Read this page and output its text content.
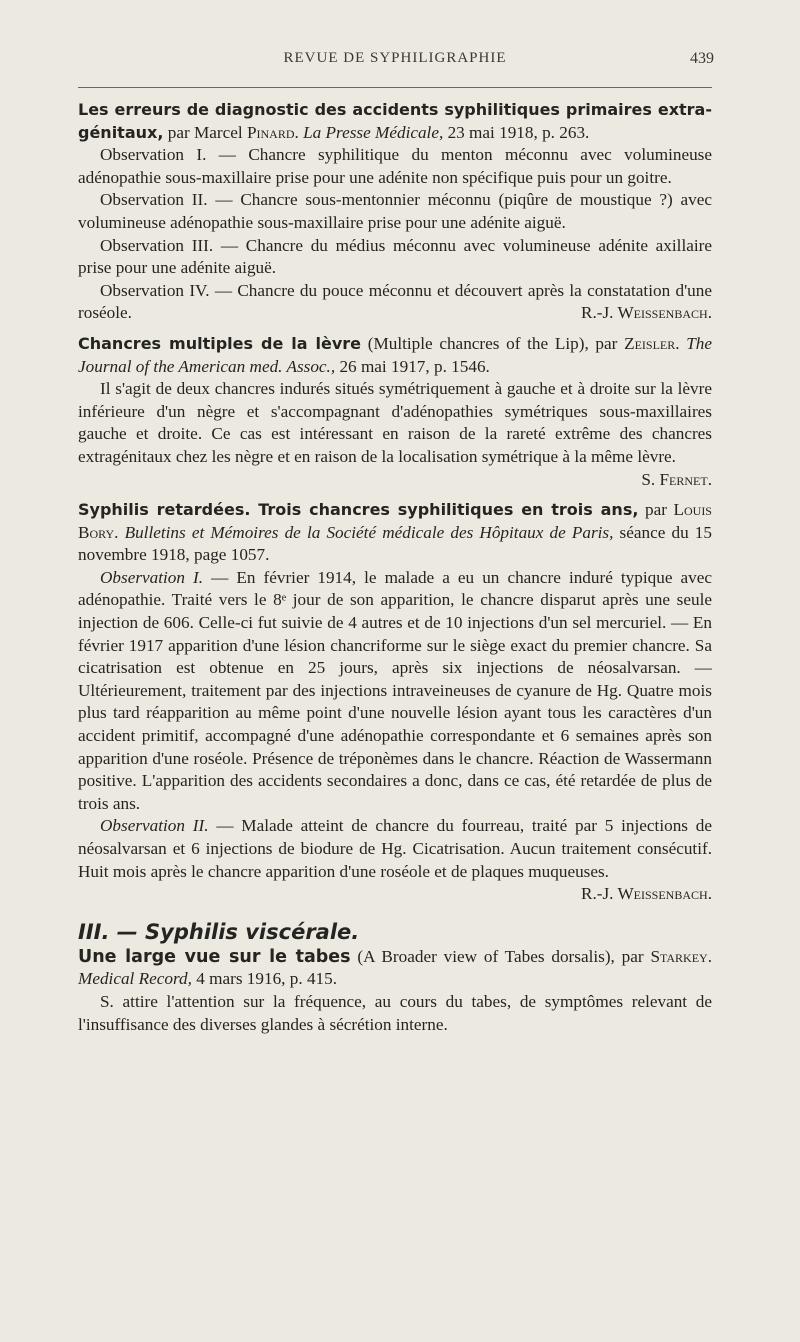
REVUE DE SYPHILIGRAPHIE	439

Les erreurs de diagnostic des accidents syphilitiques primaires extra-génitaux, par Marcel Pinard. La Presse Médicale, 23 mai 1918, p. 263.

Observation I. — Chancre syphilitique du menton méconnu avec volumineuse adénopathie sous-maxillaire prise pour une adénite non spécifique puis pour un goitre.

Observation II. — Chancre sous-mentonnier méconnu (piqûre de moustique ?) avec volumineuse adénopathie sous-maxillaire prise pour une adénite aiguë.

Observation III. — Chancre du médius méconnu avec volumineuse adénite axillaire prise pour une adénite aiguë.

Observation IV. — Chancre du pouce méconnu et découvert après la constatation d'une roséole.	R.-J. Weissenbach.

Chancres multiples de la lèvre (Multiple chancres of the Lip), par Zeisler. The Journal of the American med. Assoc., 26 mai 1917, p. 1546.

Il s'agit de deux chancres indurés situés symétriquement à gauche et à droite sur la lèvre inférieure d'un nègre et s'accompagnant d'adénopathies symétriques sous-maxillaires gauche et droite. Ce cas est intéressant en raison de la rareté extrême des chancres extragénitaux chez les nègre et en raison de la localisation symétrique à la même lèvre.

S. Fernet.

Syphilis retardées. Trois chancres syphilitiques en trois ans, par Louis Bory. Bulletins et Mémoires de la Société médicale des Hôpitaux de Paris, séance du 15 novembre 1918, page 1057.

Observation I. — En février 1914, le malade a eu un chancre induré typique avec adénopathie. Traité vers le 8ᵉ jour de son apparition, le chancre disparut après une seule injection de 606. Celle-ci fut suivie de 4 autres et de 10 injections d'un sel mercuriel. — En février 1917 apparition d'une lésion chancriforme sur le siège exact du premier chancre. Sa cicatrisation est obtenue en 25 jours, après six injections de néosalvarsan. — Ultérieurement, traitement par des injections intraveineuses de cyanure de Hg. Quatre mois plus tard réapparition au même point d'une nouvelle lésion ayant tous les caractères d'un accident primitif, accompagné d'une adénopathie correspondante et 6 semaines après son apparition d'une roséole. Présence de tréponèmes dans le chancre. Réaction de Wassermann positive. L'apparition des accidents secondaires a donc, dans ce cas, été retardée de plus de trois ans.

Observation II. — Malade atteint de chancre du fourreau, traité par 5 injections de néosalvarsan et 6 injections de biodure de Hg. Cicatrisation. Aucun traitement consécutif. Huit mois après le chancre apparition d'une roséole et de plaques muqueuses.
R.-J. Weissenbach.

III. — Syphilis viscérale.

Une large vue sur le tabes (A Broader view of Tabes dorsalis), par Starkey. Medical Record, 4 mars 1916, p. 415.

S. attire l'attention sur la fréquence, au cours du tabes, de symptômes relevant de l'insuffisance des diverses glandes à sécrétion interne.
